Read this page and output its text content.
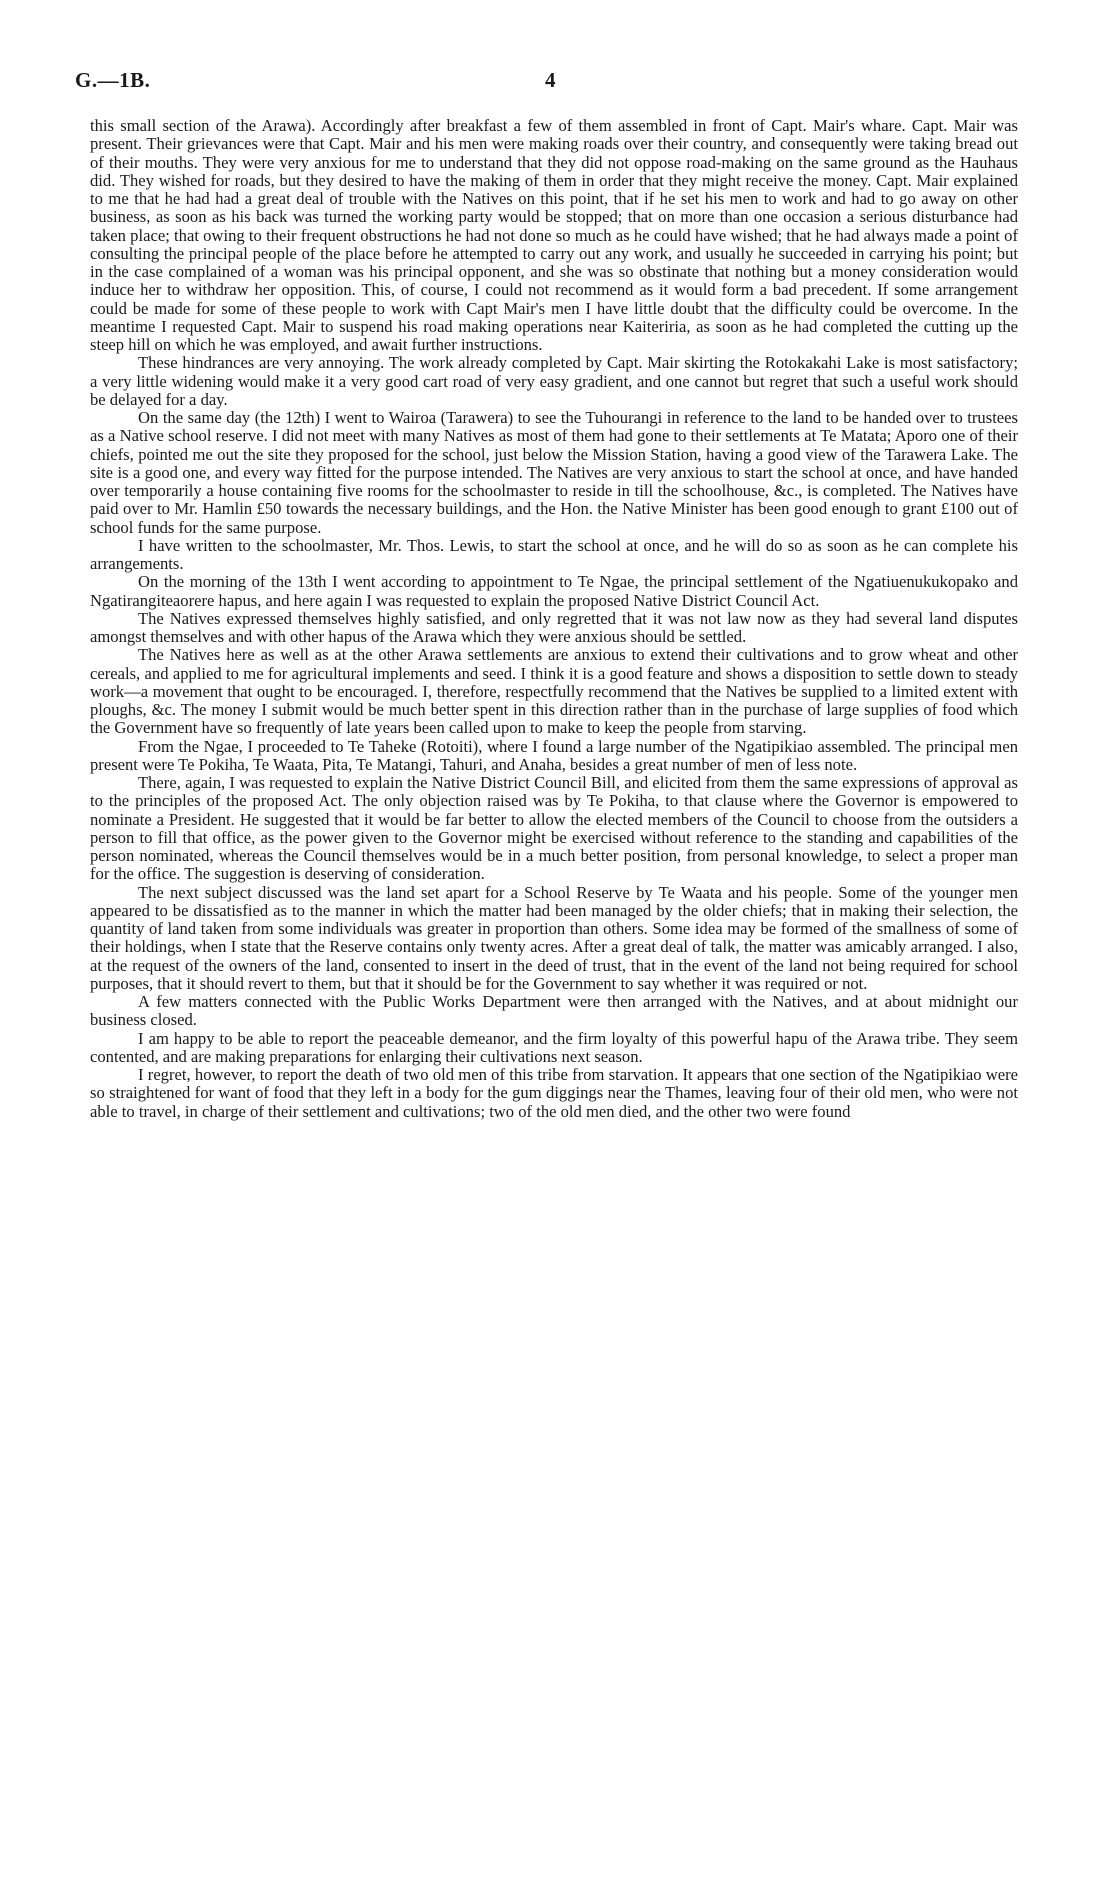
G.—1B.	4

this small section of the Arawa). Accordingly after breakfast a few of them assembled in front of Capt. Mair's whare. Capt. Mair was present. Their grievances were that Capt. Mair and his men were making roads over their country, and consequently were taking bread out of their mouths. They were very anxious for me to understand that they did not oppose road-making on the same ground as the Hauhaus did. They wished for roads, but they desired to have the making of them in order that they might receive the money. Capt. Mair explained to me that he had had a great deal of trouble with the Natives on this point, that if he set his men to work and had to go away on other business, as soon as his back was turned the working party would be stopped; that on more than one occasion a serious disturbance had taken place; that owing to their frequent obstructions he had not done so much as he could have wished; that he had always made a point of consulting the principal people of the place before he attempted to carry out any work, and usually he succeeded in carrying his point; but in the case complained of a woman was his principal opponent, and she was so obstinate that nothing but a money consideration would induce her to withdraw her opposition. This, of course, I could not recommend as it would form a bad precedent. If some arrangement could be made for some of these people to work with Capt Mair's men I have little doubt that the difficulty could be overcome. In the meantime I requested Capt. Mair to suspend his road making operations near Kaiteriria, as soon as he had completed the cutting up the steep hill on which he was employed, and await further instructions.

These hindrances are very annoying. The work already completed by Capt. Mair skirting the Rotokakahi Lake is most satisfactory; a very little widening would make it a very good cart road of very easy gradient, and one cannot but regret that such a useful work should be delayed for a day.

On the same day (the 12th) I went to Wairoa (Tarawera) to see the Tuhourangi in reference to the land to be handed over to trustees as a Native school reserve. I did not meet with many Natives as most of them had gone to their settlements at Te Matata; Aporo one of their chiefs, pointed me out the site they proposed for the school, just below the Mission Station, having a good view of the Tarawera Lake. The site is a good one, and every way fitted for the purpose intended. The Natives are very anxious to start the school at once, and have handed over temporarily a house containing five rooms for the schoolmaster to reside in till the schoolhouse, &c., is completed. The Natives have paid over to Mr. Hamlin £50 towards the necessary buildings, and the Hon. the Native Minister has been good enough to grant £100 out of school funds for the same purpose.

I have written to the schoolmaster, Mr. Thos. Lewis, to start the school at once, and he will do so as soon as he can complete his arrangements.

On the morning of the 13th I went according to appointment to Te Ngae, the principal settlement of the Ngatiuenukukopako and Ngatirangiteaorere hapus, and here again I was requested to explain the proposed Native District Council Act.

The Natives expressed themselves highly satisfied, and only regretted that it was not law now as they had several land disputes amongst themselves and with other hapus of the Arawa which they were anxious should be settled.

The Natives here as well as at the other Arawa settlements are anxious to extend their cultivations and to grow wheat and other cereals, and applied to me for agricultural implements and seed. I think it is a good feature and shows a disposition to settle down to steady work—a movement that ought to be encouraged. I, therefore, respectfully recommend that the Natives be supplied to a limited extent with ploughs, &c. The money I submit would be much better spent in this direction rather than in the purchase of large supplies of food which the Government have so frequently of late years been called upon to make to keep the people from starving.

From the Ngae, I proceeded to Te Taheke (Rotoiti), where I found a large number of the Ngatipikiao assembled. The principal men present were Te Pokiha, Te Waata, Pita, Te Matangi, Tahuri, and Anaha, besides a great number of men of less note.

There, again, I was requested to explain the Native District Council Bill, and elicited from them the same expressions of approval as to the principles of the proposed Act. The only objection raised was by Te Pokiha, to that clause where the Governor is empowered to nominate a President. He suggested that it would be far better to allow the elected members of the Council to choose from the outsiders a person to fill that office, as the power given to the Governor might be exercised without reference to the standing and capabilities of the person nominated, whereas the Council themselves would be in a much better position, from personal knowledge, to select a proper man for the office. The suggestion is deserving of consideration.

The next subject discussed was the land set apart for a School Reserve by Te Waata and his people. Some of the younger men appeared to be dissatisfied as to the manner in which the matter had been managed by the older chiefs; that in making their selection, the quantity of land taken from some individuals was greater in proportion than others. Some idea may be formed of the smallness of some of their holdings, when I state that the Reserve contains only twenty acres. After a great deal of talk, the matter was amicably arranged. I also, at the request of the owners of the land, consented to insert in the deed of trust, that in the event of the land not being required for school purposes, that it should revert to them, but that it should be for the Government to say whether it was required or not.

A few matters connected with the Public Works Department were then arranged with the Natives, and at about midnight our business closed.

I am happy to be able to report the peaceable demeanor, and the firm loyalty of this powerful hapu of the Arawa tribe. They seem contented, and are making preparations for enlarging their cultivations next season.

I regret, however, to report the death of two old men of this tribe from starvation. It appears that one section of the Ngatipikiao were so straightened for want of food that they left in a body for the gum diggings near the Thames, leaving four of their old men, who were not able to travel, in charge of their settlement and cultivations; two of the old men died, and the other two were found
